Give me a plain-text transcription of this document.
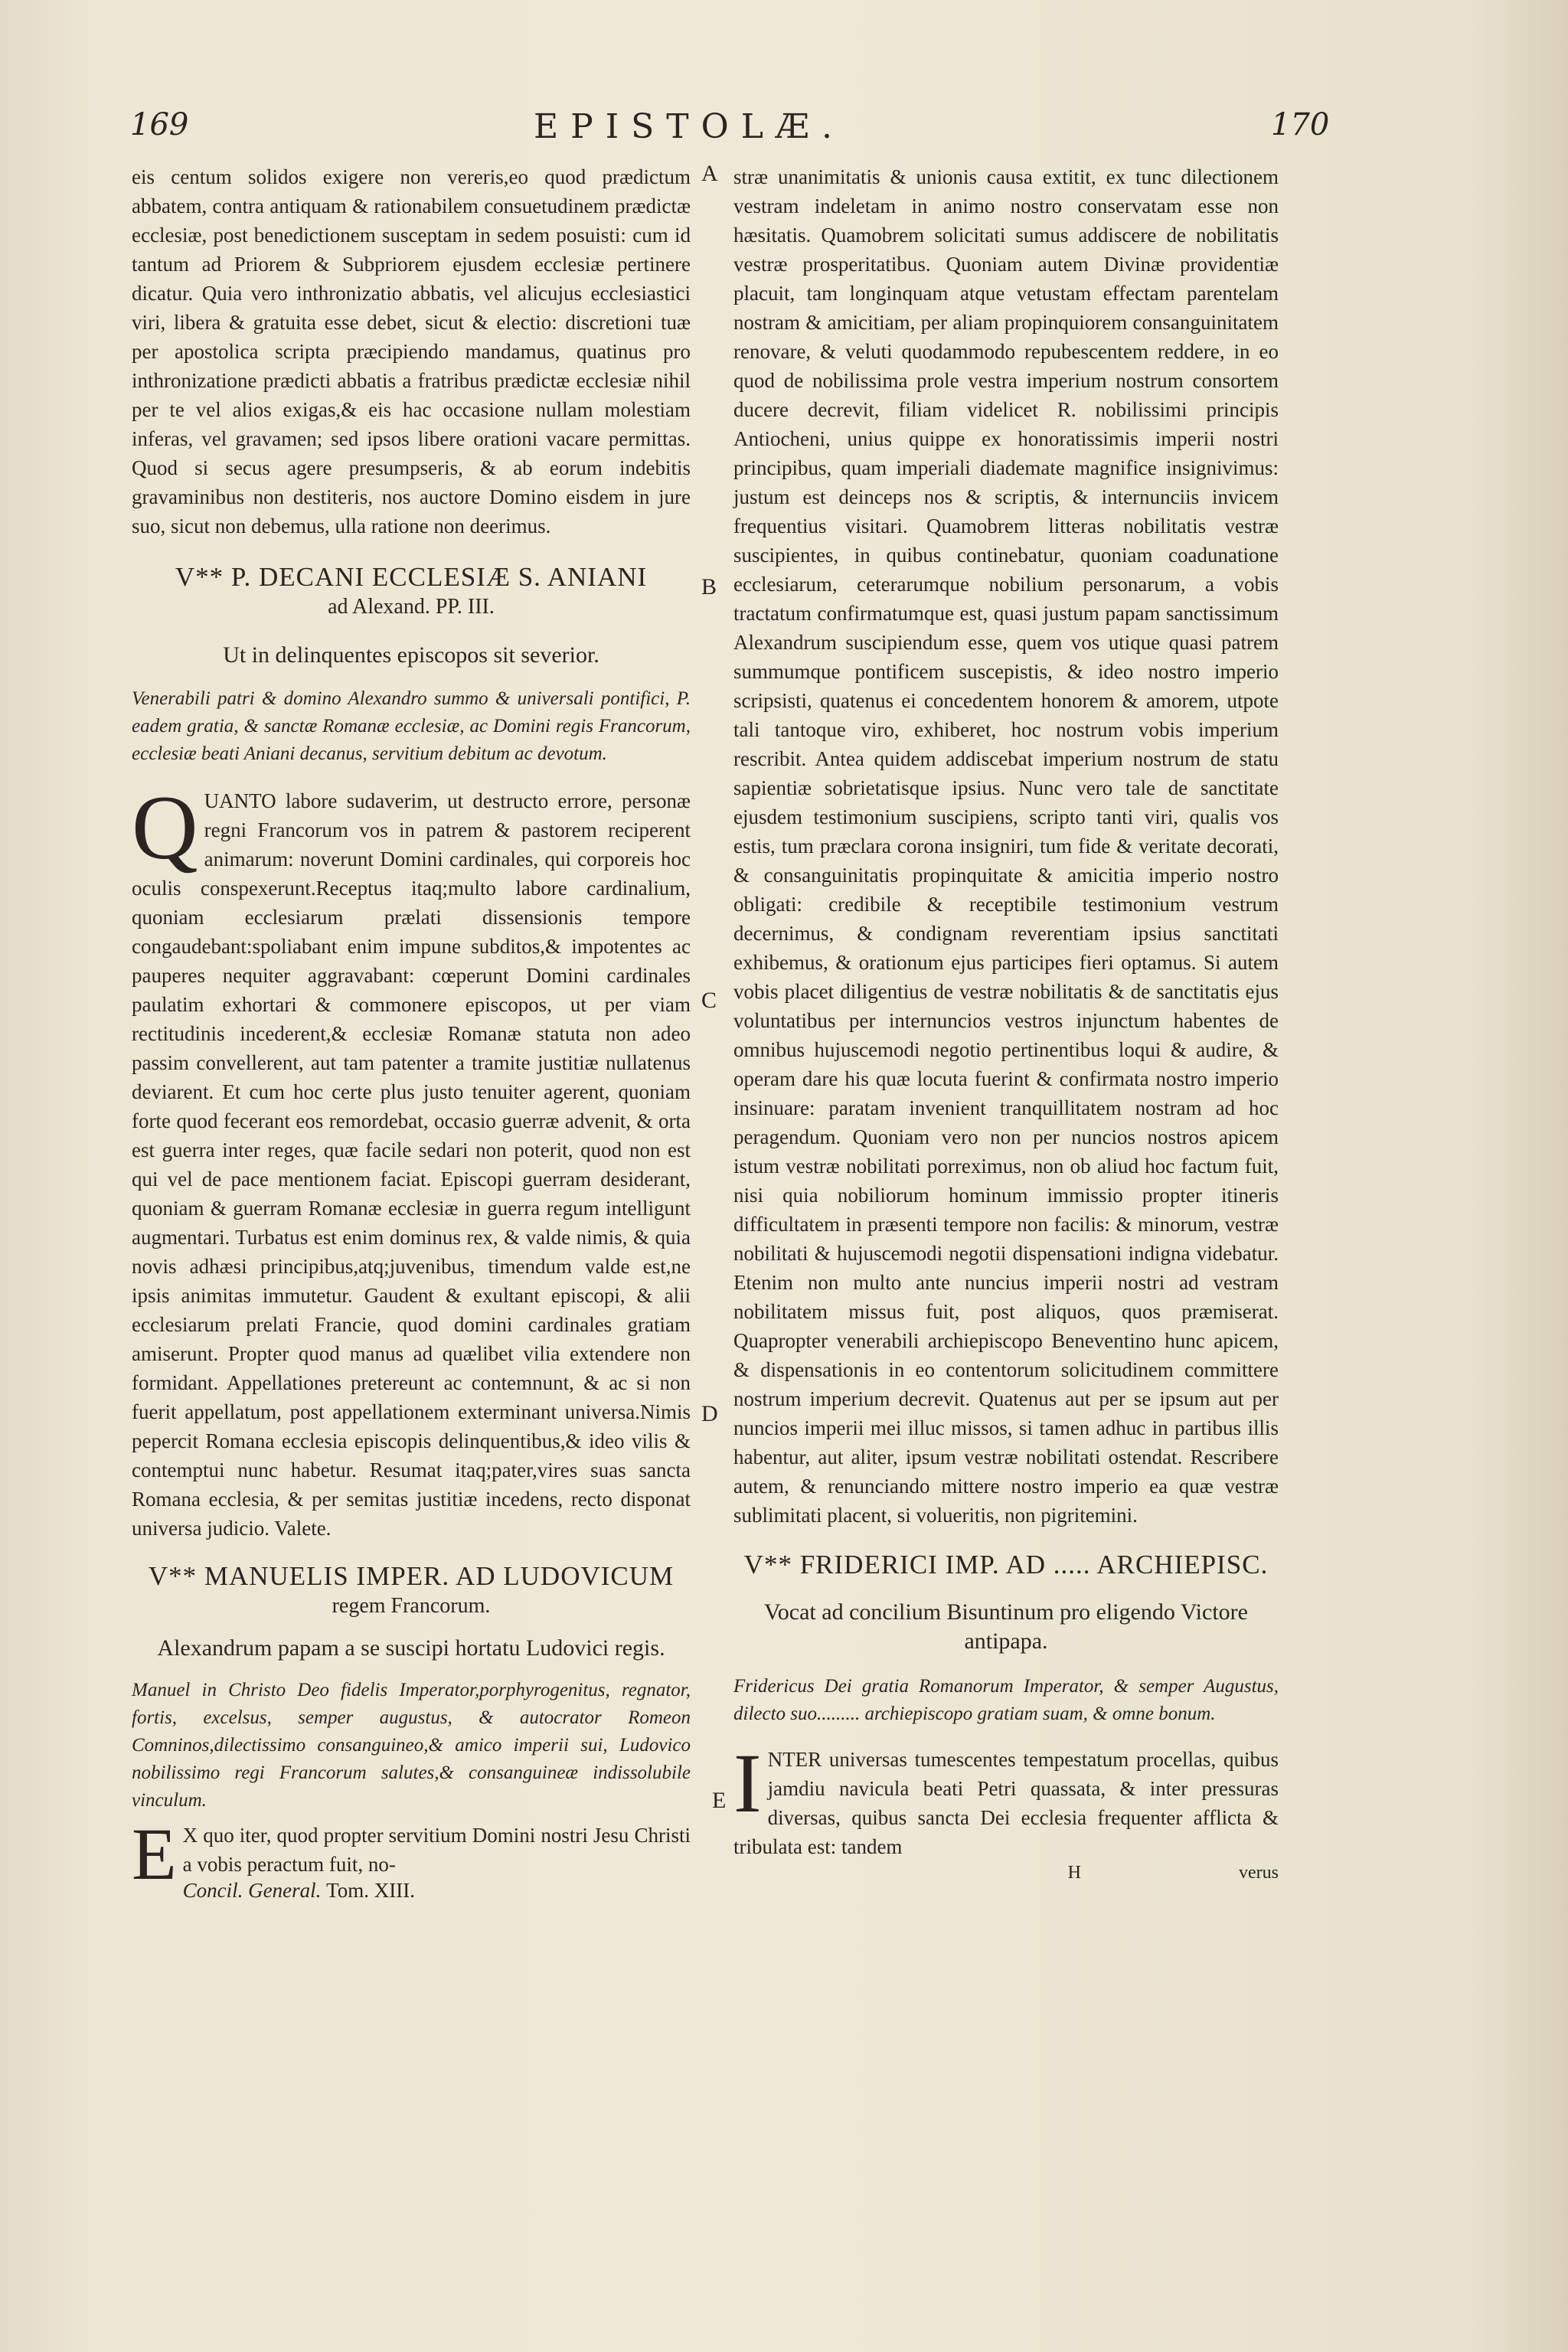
169	EPISTOLÆ.	170
A
B
C
D
E

eis centum solidos exigere non vereris,eo quod prædictum abbatem, contra antiquam & rationabilem consuetudinem prædictæ ecclesiæ, post benedictionem susceptam in sedem posuisti: cum id tantum ad Priorem & Subpriorem ejusdem ecclesiæ pertinere dicatur. Quia vero inthronizatio abbatis, vel alicujus ecclesiastici viri, libera & gratuita esse debet, sicut & electio: discretioni tuæ per apostolica scripta præcipiendo mandamus, quatinus pro inthronizatione prædicti abbatis a fratribus prædictæ ecclesiæ nihil per te vel alios exigas,& eis hac occasione nullam molestiam inferas, vel gravamen; sed ipsos libere orationi vacare permittas. Quod si secus agere presumpseris, & ab eorum indebitis gravaminibus non destiteris, nos auctore Domino eisdem in jure suo, sicut non debemus, ulla ratione non deerimus.

V** P. DECANI ECCLESIÆ S. ANIANI
ad Alexand. PP. III.
Ut in delinquentes episcopos sit severior.

Venerabili patri & domino Alexandro summo & universali pontifici, P. eadem gratia, & sanctæ Romanæ ecclesiæ, ac Domini regis Francorum, ecclesiæ beati Aniani decanus, servitium debitum ac devotum.

QUANTO labore sudaverim, ut destructo errore, personæ regni Francorum vos in patrem & pastorem reciperent animarum: noverunt Domini cardinales, qui corporeis hoc oculis conspexerunt.Receptus itaq;multo labore cardinalium, quoniam ecclesiarum prælati dissensionis tempore congaudebant:spoliabant enim impune subditos,& impotentes ac pauperes nequiter aggravabant: cœperunt Domini cardinales paulatim exhortari & commonere episcopos, ut per viam rectitudinis incederent,& ecclesiæ Romanæ statuta non adeo passim convellerent, aut tam patenter a tramite justitiæ nullatenus deviarent. Et cum hoc certe plus justo tenuiter agerent, quoniam forte quod fecerant eos remordebat, occasio guerræ advenit, & orta est guerra inter reges, quæ facile sedari non poterit, quod non est qui vel de pace mentionem faciat. Episcopi guerram desiderant, quoniam & guerram Romanæ ecclesiæ in guerra regum intelligunt augmentari. Turbatus est enim dominus rex, & valde nimis, & quia novis adhæsi principibus,atq;juvenibus, timendum valde est,ne ipsis animitas immutetur. Gaudent & exultant episcopi, & alii ecclesiarum prelati Francie, quod domini cardinales gratiam amiserunt. Propter quod manus ad quælibet vilia extendere non formidant. Appellationes pretereunt ac contemnunt, & ac si non fuerit appellatum, post appellationem exterminant universa.Nimis pepercit Romana ecclesia episcopis delinquentibus,& ideo vilis & contemptui nunc habetur. Resumat itaq;pater,vires suas sancta Romana ecclesia, & per semitas justitiæ incedens, recto disponat universa judicio. Valete.

V** MANUELIS IMPER. AD LUDOVICUM
regem Francorum.
Alexandrum papam a se suscipi hortatu Ludovici regis.

Manuel in Christo Deo fidelis Imperator,porphyrogenitus, regnator, fortis, excelsus, semper augustus, & autocrator Romeon Comninos,dilectissimo consanguineo,& amico imperii sui, Ludovico nobilissimo regi Francorum salutes,& consanguineæ indissolubile vinculum.

E X quo iter, quod propter servitium Domini nostri Jesu Christi a vobis peractum fuit, no-

Concil. General. Tom. XIII.

stræ unanimitatis & unionis causa extitit, ex tunc dilectionem vestram indeletam in animo nostro conservatam esse non hæsitatis. Quamobrem solicitati sumus addiscere de nobilitatis vestræ prosperitatibus. Quoniam autem Divinæ providentiæ placuit, tam longinquam atque vetustam effectam parentelam nostram & amicitiam, per aliam propinquiorem consanguinitatem renovare, & veluti quodammodo repubescentem reddere, in eo quod de nobilissima prole vestra imperium nostrum consortem ducere decrevit, filiam videlicet R. nobilissimi principis Antiocheni, unius quippe ex honoratissimis imperii nostri principibus, quam imperiali diademate magnifice insignivimus: justum est deinceps nos & scriptis, & internunciis invicem frequentius visitari. Quamobrem litteras nobilitatis vestræ suscipientes, in quibus continebatur, quoniam coadunatione ecclesiarum, ceterarumque nobilium personarum, a vobis tractatum confirmatumque est, quasi justum papam sanctissimum Alexandrum suscipiendum esse, quem vos utique quasi patrem summumque pontificem suscepistis, & ideo nostro imperio scripsisti, quatenus ei concedentem honorem & amorem, utpote tali tantoque viro, exhiberet, hoc nostrum vobis imperium rescribit. Antea quidem addiscebat imperium nostrum de statu sapientiæ sobrietatisque ipsius. Nunc vero tale de sanctitate ejusdem testimonium suscipiens, scripto tanti viri, qualis vos estis, tum præclara corona insigniri, tum fide & veritate decorati, & consanguinitatis propinquitate & amicitia imperio nostro obligati: credibile & receptibile testimonium vestrum decernimus, & condignam reverentiam ipsius sanctitati exhibemus, & orationum ejus participes fieri optamus. Si autem vobis placet diligentius de vestræ nobilitatis & de sanctitatis ejus voluntatibus per internuncios vestros injunctum habentes de omnibus hujuscemodi negotio pertinentibus loqui & audire, & operam dare his quæ locuta fuerint & confirmata nostro imperio insinuare: paratam invenient tranquillitatem nostram ad hoc peragendum. Quoniam vero non per nuncios nostros apicem istum vestræ nobilitati porreximus, non ob aliud hoc factum fuit, nisi quia nobiliorum hominum immissio propter itineris difficultatem in præsenti tempore non facilis: & minorum, vestræ nobilitati & hujuscemodi negotii dispensationi indigna videbatur. Etenim non multo ante nuncius imperii nostri ad vestram nobilitatem missus fuit, post aliquos, quos præmiserat. Quapropter venerabili archiepiscopo Beneventino hunc apicem, & dispensationis in eo contentorum solicitudinem committere nostrum imperium decrevit. Quatenus aut per se ipsum aut per nuncios imperii mei illuc missos, si tamen adhuc in partibus illis habentur, aut aliter, ipsum vestræ nobilitati ostendat. Rescribere autem, & renunciando mittere nostro imperio ea quæ vestræ sublimitati placent, si volueritis, non pigritemini.

V** FRIDERICI IMP. AD ..... ARCHIEPISC.
Vocat ad concilium Bisuntinum pro eligendo Victore antipapa.

Fridericus Dei gratia Romanorum Imperator, & semper Augustus, dilecto suo......... archiepiscopo gratiam suam, & omne bonum.

INTER universas tumescentes tempestatum procellas, quibus jamdiu navicula beati Petri quassata, & inter pressuras diversas, quibus sancta Dei ecclesia frequenter afflicta & tribulata est: tandem

H	verus
